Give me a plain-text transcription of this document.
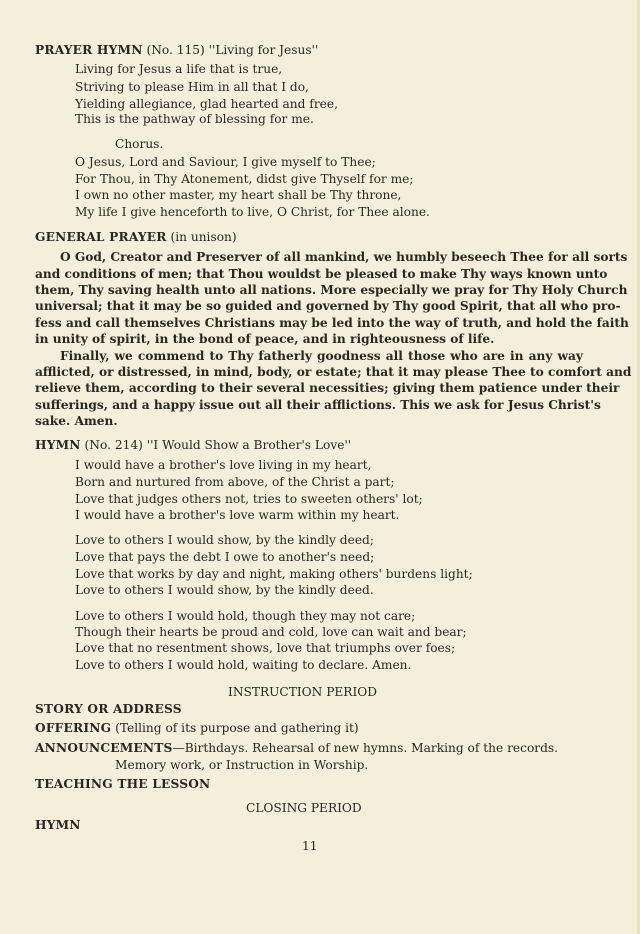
PRAYER HYMN (No. 115) ''Living for Jesus''
Living for Jesus a life that is true,
Striving to please Him in all that I do,
Yielding allegiance, glad hearted and free,
This is the pathway of blessing for me.
Chorus.
O Jesus, Lord and Saviour, I give myself to Thee;
For Thou, in Thy Atonement, didst give Thyself for me;
I own no other master, my heart shall be Thy throne,
My life I give henceforth to live, O Christ, for Thee alone.
GENERAL PRAYER (in unison)
O God, Creator and Preserver of all mankind, we humbly beseech Thee for all sorts
and conditions of men; that Thou wouldst be pleased to make Thy ways known unto
them, Thy saving health unto all nations. More especially we pray for Thy Holy Church
universal; that it may be so guided and governed by Thy good Spirit, that all who pro-
fess and call themselves Christians may be led into the way of truth, and hold the faith
in unity of spirit, in the bond of peace, and in righteousness of life.
Finally, we commend to Thy fatherly goodness all those who are in any way
afflicted, or distressed, in mind, body, or estate; that it may please Thee to comfort and
relieve them, according to their several necessities; giving them patience under their
sufferings, and a happy issue out all their afflictions. This we ask for Jesus Christ's
sake. Amen.
HYMN (No. 214) ''I Would Show a Brother's Love''
I would have a brother's love living in my heart,
Born and nurtured from above, of the Christ a part;
Love that judges others not, tries to sweeten others' lot;
I would have a brother's love warm within my heart.
Love to others I would show, by the kindly deed;
Love that pays the debt I owe to another's need;
Love that works by day and night, making others' burdens light;
Love to others I would show, by the kindly deed.
Love to others I would hold, though they may not care;
Though their hearts be proud and cold, love can wait and bear;
Love that no resentment shows, love that triumphs over foes;
Love to others I would hold, waiting to declare. Amen.
INSTRUCTION PERIOD
STORY OR ADDRESS
OFFERING (Telling of its purpose and gathering it)
ANNOUNCEMENTS—Birthdays. Rehearsal of new hymns. Marking of the records.
Memory work, or Instruction in Worship.
TEACHING THE LESSON
CLOSING PERIOD
HYMN
11
